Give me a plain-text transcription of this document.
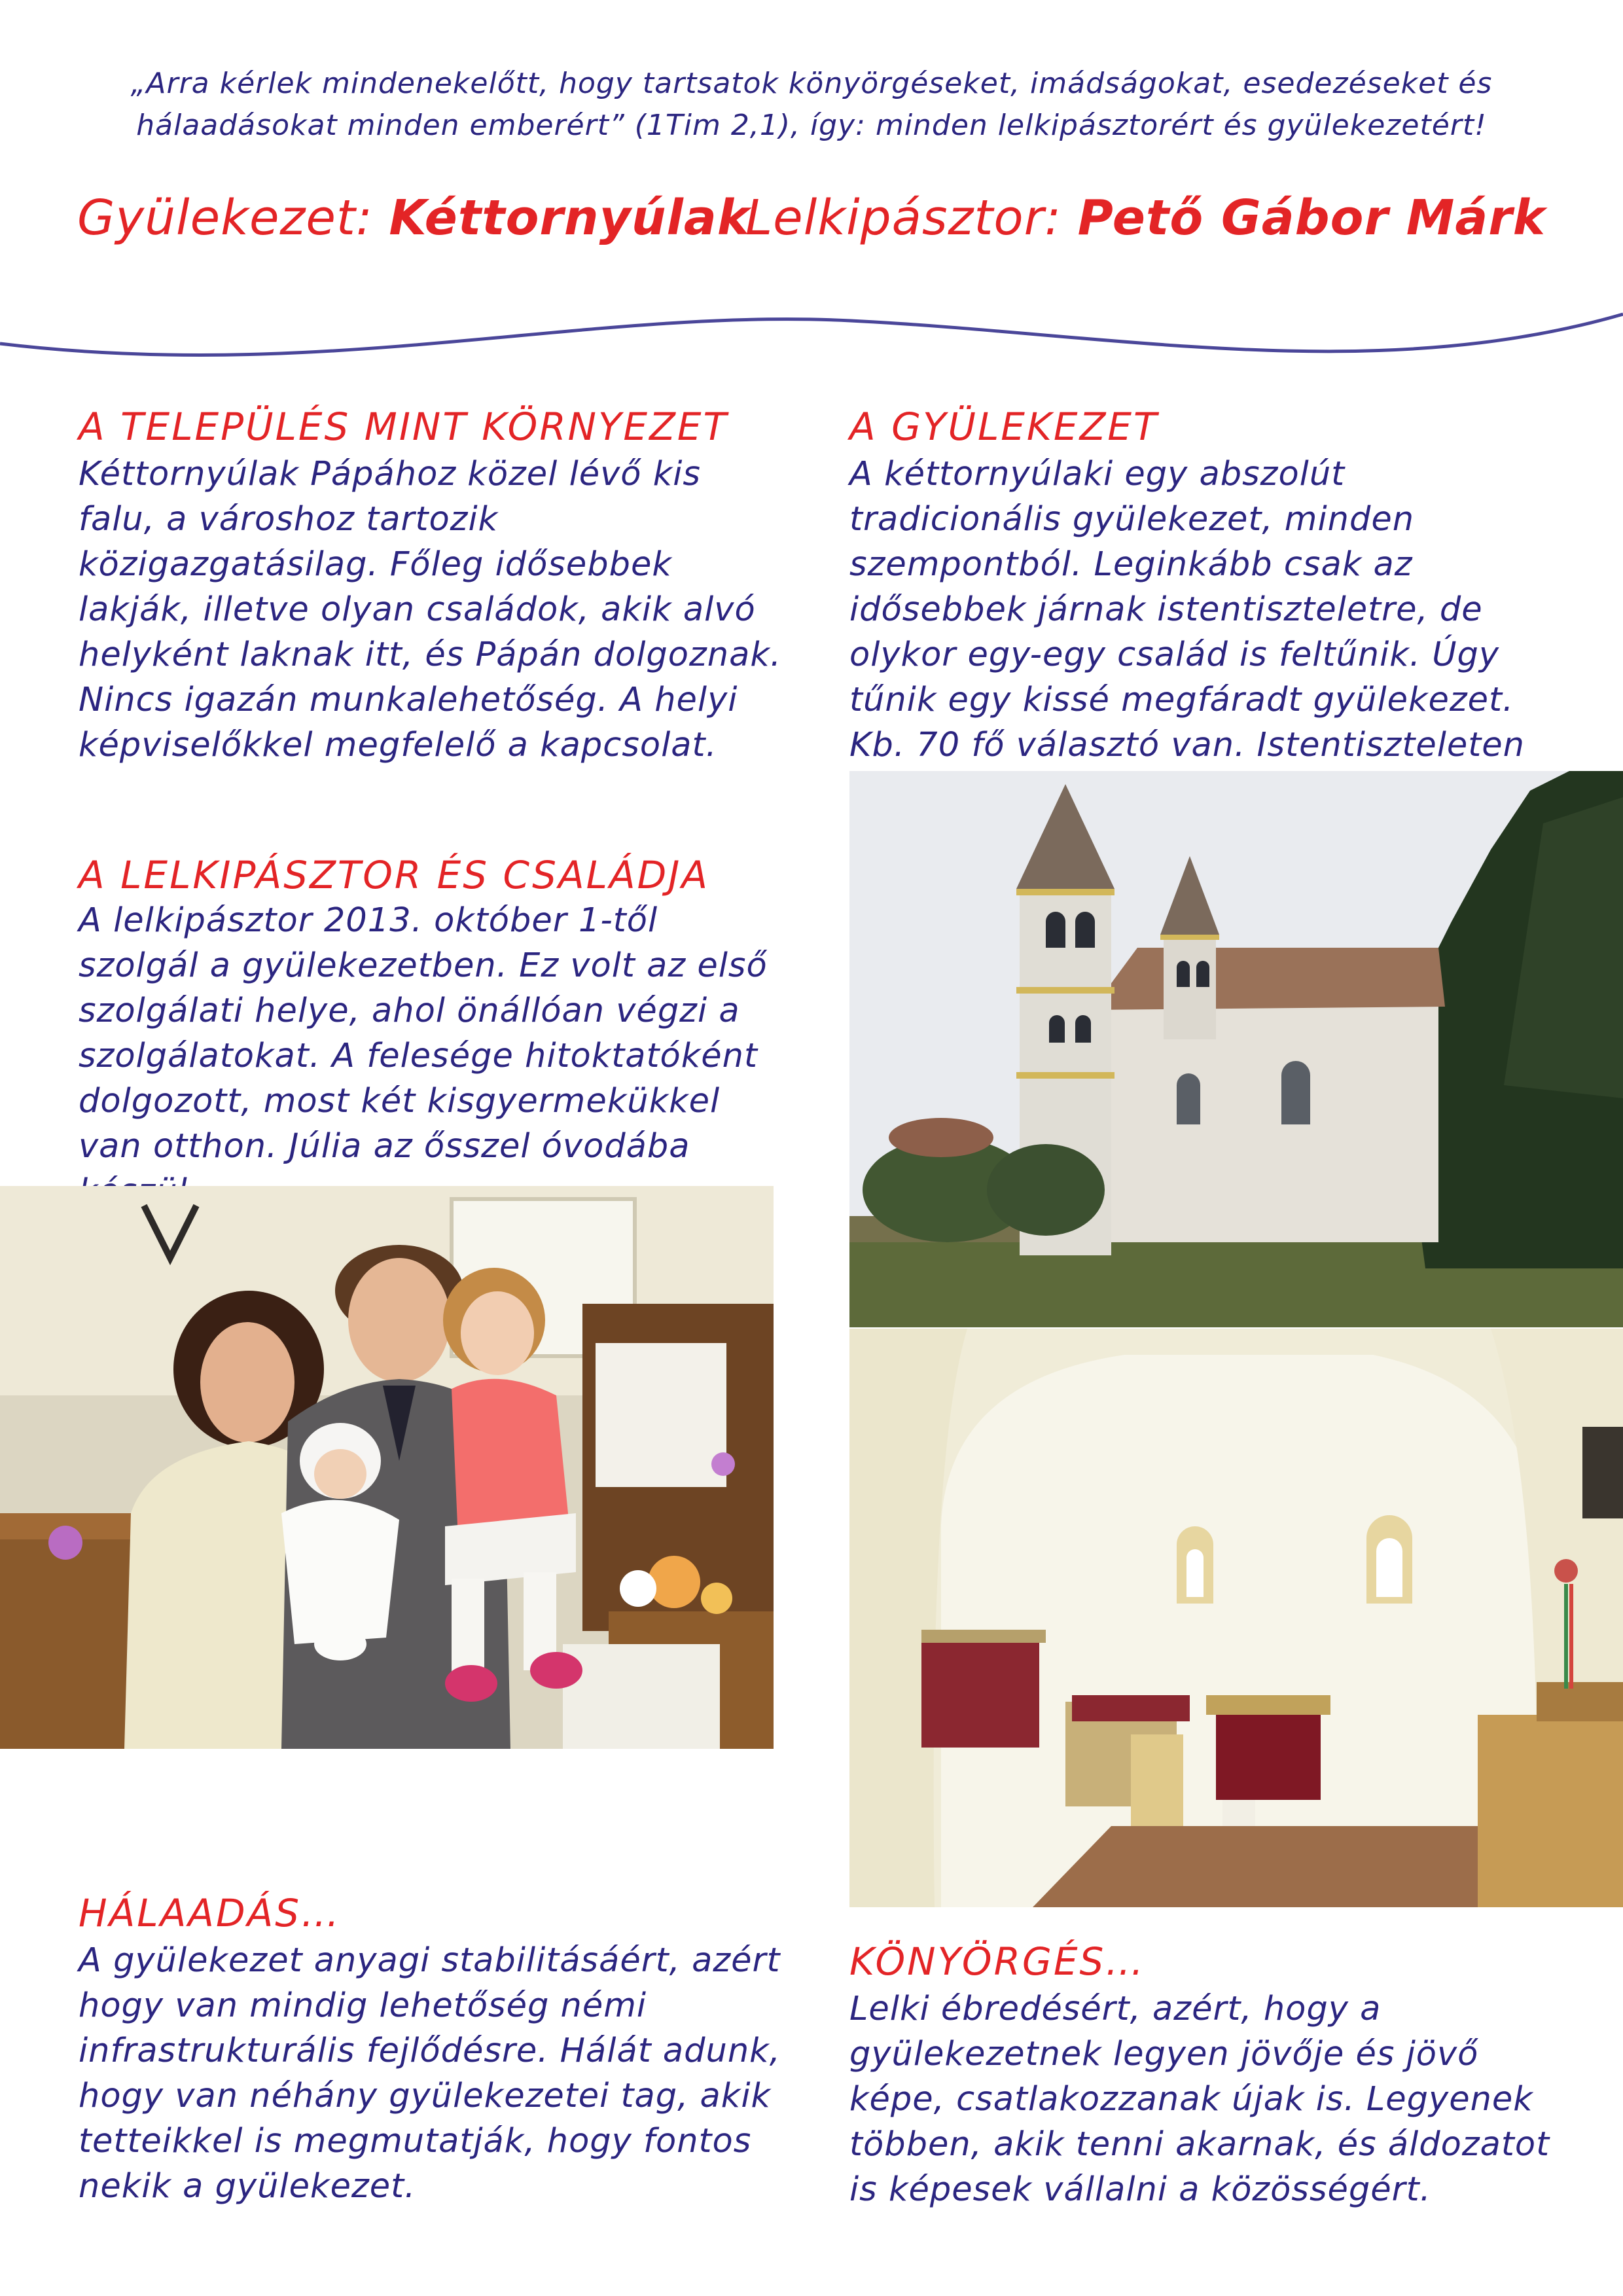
„Arra kérlek mindenekelőtt, hogy tartsatok könyörgéseket, imádságokat, esedezéseket és hálaadásokat minden emberért” (1Tim 2,1), így: minden lelkipásztorért és gyülekezetért!
Gyülekezet: Kéttornyúlak
Lelkipásztor: Pető Gábor Márk
A TELEPÜLÉS MINT KÖRNYEZET
Kéttornyúlak Pápához közel lévő kis falu, a városhoz tartozik közigazgatásilag. Főleg idősebbek lakják, illetve olyan családok, akik alvó helyként laknak itt, és Pápán dolgoznak. Nincs igazán munkalehetőség. A helyi képviselőkkel megfelelő a kapcsolat.
A GYÜLEKEZET
A kéttornyúlaki egy abszolút tradicionális gyülekezet, minden szempontból. Leginkább csak az idősebbek járnak istentiszteletre, de olykor egy-egy család is feltűnik. Úgy tűnik egy kissé megfáradt gyülekezet. Kb. 70 fő választó van. Istentiszteleten
A LELKIPÁSZTOR ÉS CSALÁDJA
A lelkipásztor 2013. október 1-től szolgál a gyülekezetben. Ez volt az első szolgálati helye, ahol önállóan végzi a szolgálatokat. A felesége hitoktatóként dolgozott, most két kisgyermekükkel van otthon. Júlia az ősszel óvodába
HÁLAADÁS…
A gyülekezet anyagi stabilitásáért, azért hogy van mindig lehetőség némi infrastrukturális fejlődésre. Hálát adunk, hogy van néhány gyülekezetei tag, akik tetteikkel is megmutatják, hogy fontos nekik a gyülekezet.
KÖNYÖRGÉS…
Lelki ébredésért, azért, hogy a gyülekezetnek legyen jövője és jövő képe, csatlakozzanak újak is. Legyenek többen, akik tenni akarnak, és áldozatot is képesek vállalni a közösségért.
